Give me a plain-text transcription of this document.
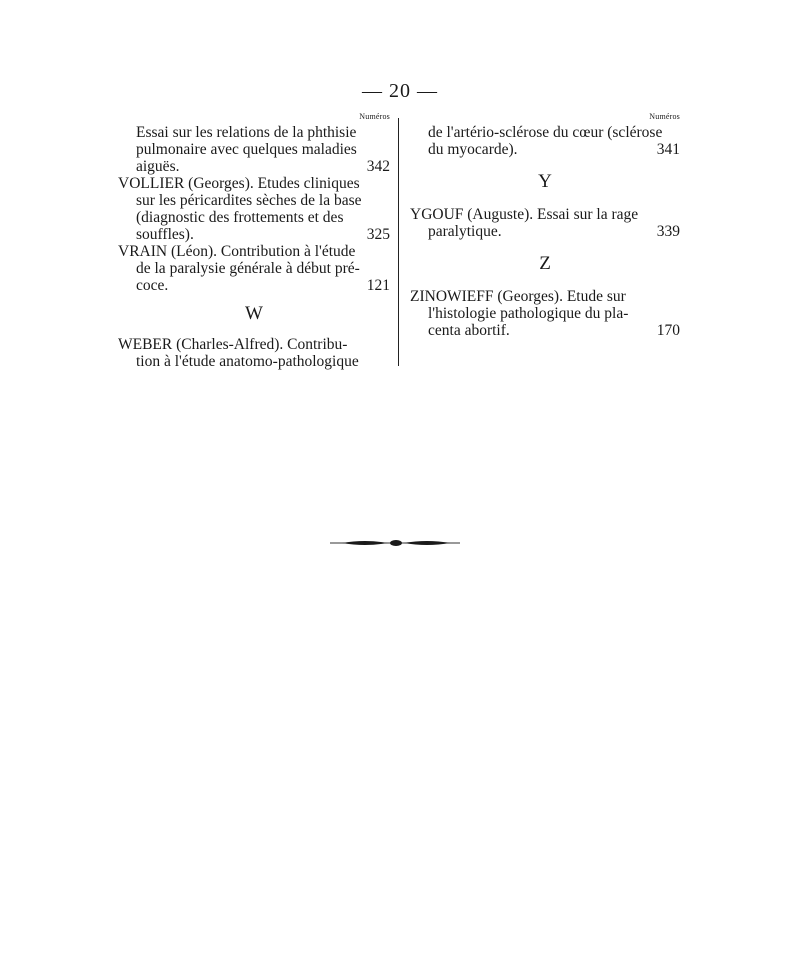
— 20 —
Numéros
Essai sur les relations de la phthisie
pulmonaire avec quelques maladies
aiguës.	342
VOLLIER (Georges). Etudes cliniques
sur les péricardites sèches de la base
(diagnostic des frottements et des
souffles).	325
VRAIN (Léon). Contribution à l'étude
de la paralysie générale à début pré-
coce.	121
W
WEBER (Charles-Alfred). Contribu-
tion à l'étude anatomo-pathologique
Numéros
de l'artério-sclérose du cœur (sclérose
du myocarde).	341
Y
YGOUF (Auguste). Essai sur la rage
paralytique.	339
Z
ZINOWIEFF (Georges). Etude sur
l'histologie pathologique du pla-
centa abortif.	170
